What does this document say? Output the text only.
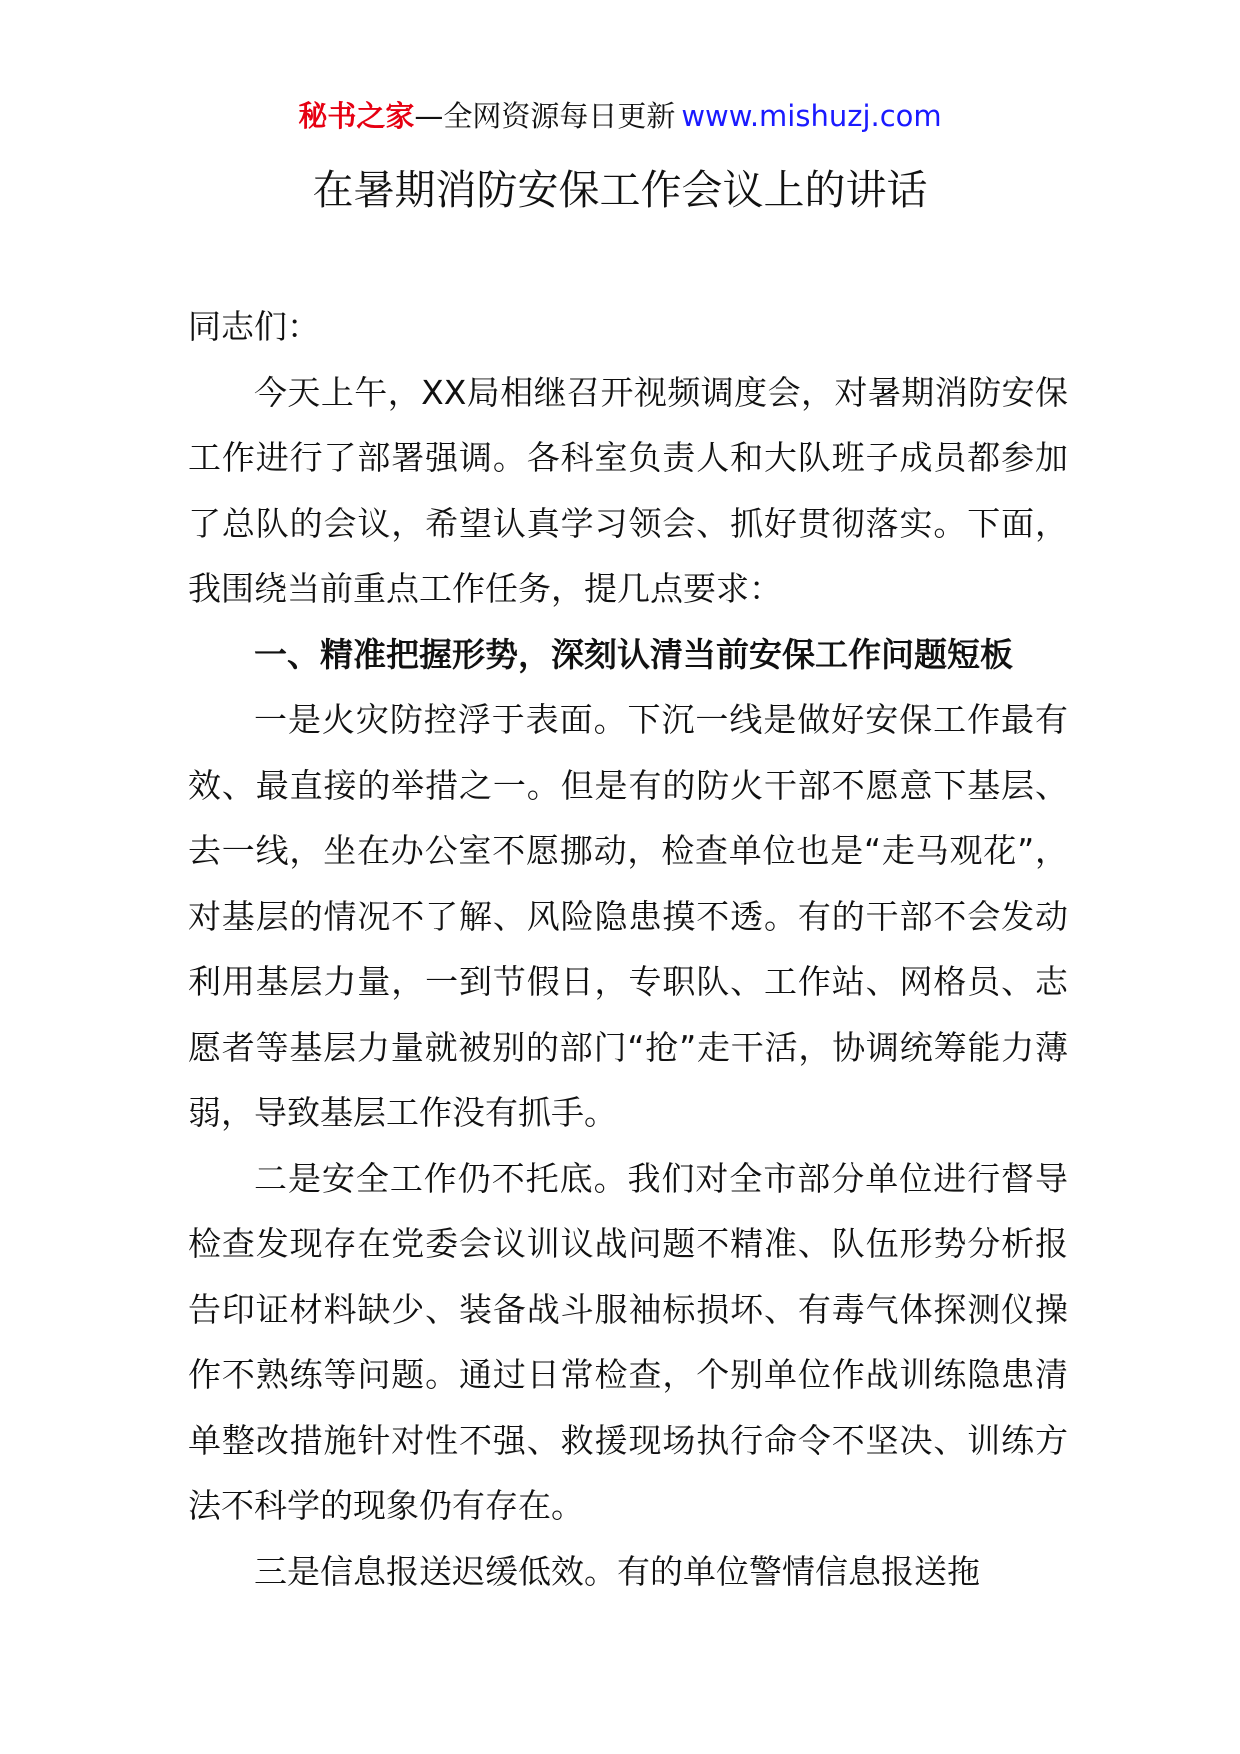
秘书之家—全网资源每日更新 www.mishuzj.com
在暑期消防安保工作会议上的讲话

同志们：

今天上午，XX局相继召开视频调度会，对暑期消防安保工作进行了部署强调。各科室负责人和大队班子成员都参加了总队的会议，希望认真学习领会、抓好贯彻落实。下面，我围绕当前重点工作任务，提几点要求：

一、精准把握形势，深刻认清当前安保工作问题短板

一是火灾防控浮于表面。下沉一线是做好安保工作最有效、最直接的举措之一。但是有的防火干部不愿意下基层、去一线，坐在办公室不愿挪动，检查单位也是“走马观花”，对基层的情况不了解、风险隐患摸不透。有的干部不会发动利用基层力量，一到节假日，专职队、工作站、网格员、志愿者等基层力量就被别的部门“抢”走干活，协调统筹能力薄弱，导致基层工作没有抓手。

二是安全工作仍不托底。我们对全市部分单位进行督导检查发现存在党委会议训议战问题不精准、队伍形势分析报告印证材料缺少、装备战斗服袖标损坏、有毒气体探测仪操作不熟练等问题。通过日常检查，个别单位作战训练隐患清单整改措施针对性不强、救援现场执行命令不坚决、训练方法不科学的现象仍有存在。

三是信息报送迟缓低效。有的单位警情信息报送拖
